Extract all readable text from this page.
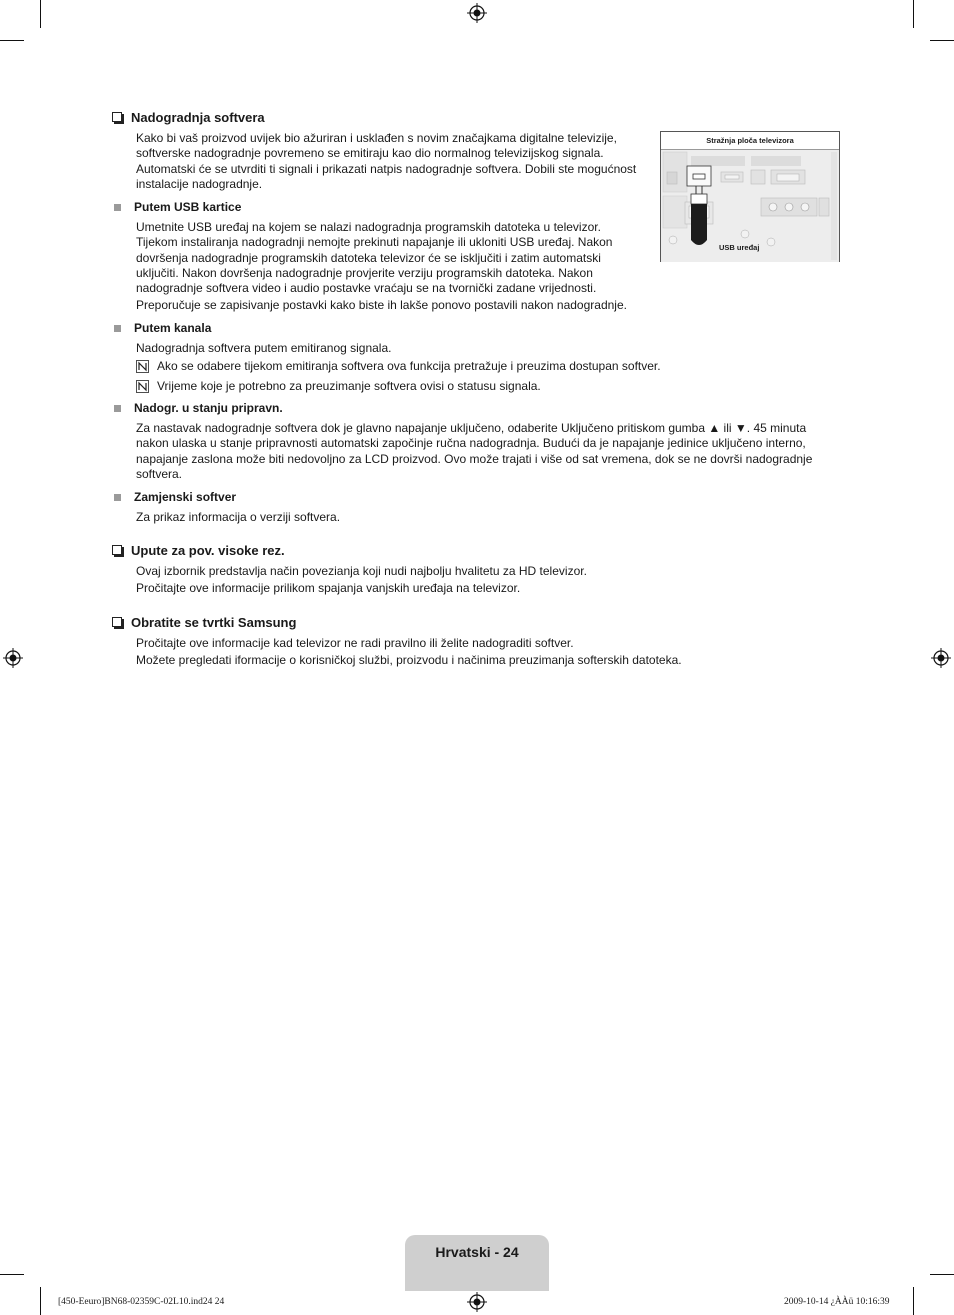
Nadogradnja softvera
Kako bi vaš proizvod uvijek bio ažuriran i usklađen s novim značajkama digitalne televizije,
softverske nadogradnje povremeno se emitiraju kao dio normalnog televizijskog signala.
Automatski će se utvrditi ti signali i prikazati natpis nadogradnje softvera. Dobili ste mogućnost
instalacije nadogradnje.
Putem USB kartice
Umetnite USB uređaj na kojem se nalazi nadogradnja programskih datoteka u televizor.
Tijekom instaliranja nadogradnji nemojte prekinuti napajanje ili ukloniti USB uređaj. Nakon
dovršenja nadogradnje programskih datoteka televizor će se isključiti i zatim automatski
uključiti. Nakon dovršenja nadogradnje provjerite verziju programskih datoteka. Nakon
nadogradnje softvera video i audio postavke vraćaju se na tvornički zadane vrijednosti.
Preporučuje se zapisivanje postavki kako biste ih lakše ponovo postavili nakon nadogradnje.
Putem kanala
Nadogradnja softvera putem emitiranog signala.
Ako se odabere tijekom emitiranja softvera ova funkcija pretražuje i preuzima dostupan softver.
Vrijeme koje je potrebno za preuzimanje softvera ovisi o statusu signala.
Nadogr. u stanju pripravn.
Za nastavak nadogradnje softvera dok je glavno napajanje uključeno, odaberite Uključeno pritiskom gumba ▲ ili ▼. 45 minuta
nakon ulaska u stanje pripravnosti automatski započinje ručna nadogradnja. Budući da je napajanje jedinice uključeno interno,
napajanje zaslona može biti nedovoljno za LCD proizvod. Ovo može trajati i više od sat vremena, dok se ne dovrši nadogradnje
softvera.
Zamjenski softver
Za prikaz informacija o verziji softvera.
Upute za pov. visoke rez.
Ovaj izbornik predstavlja način povezianja koji nudi najbolju hvalitetu za HD televizor.
Pročitajte ove informacije prilikom spajanja vanjskih uređaja na televizor.
Obratite se tvrtki Samsung
Pročitajte ove informacije kad televizor ne radi pravilno ili želite nadograditi softver.
Možete pregledati iformacije o korisničkoj službi, proizvodu i načinima preuzimanja softerskih datoteka.
Stražnja ploča televizora
USB uređaj
Hrvatski - 24
[450-Eeuro]BN68-02359C-02L10.ind24 24	2009-10-14 ¿ÀÀü 10:16:39
